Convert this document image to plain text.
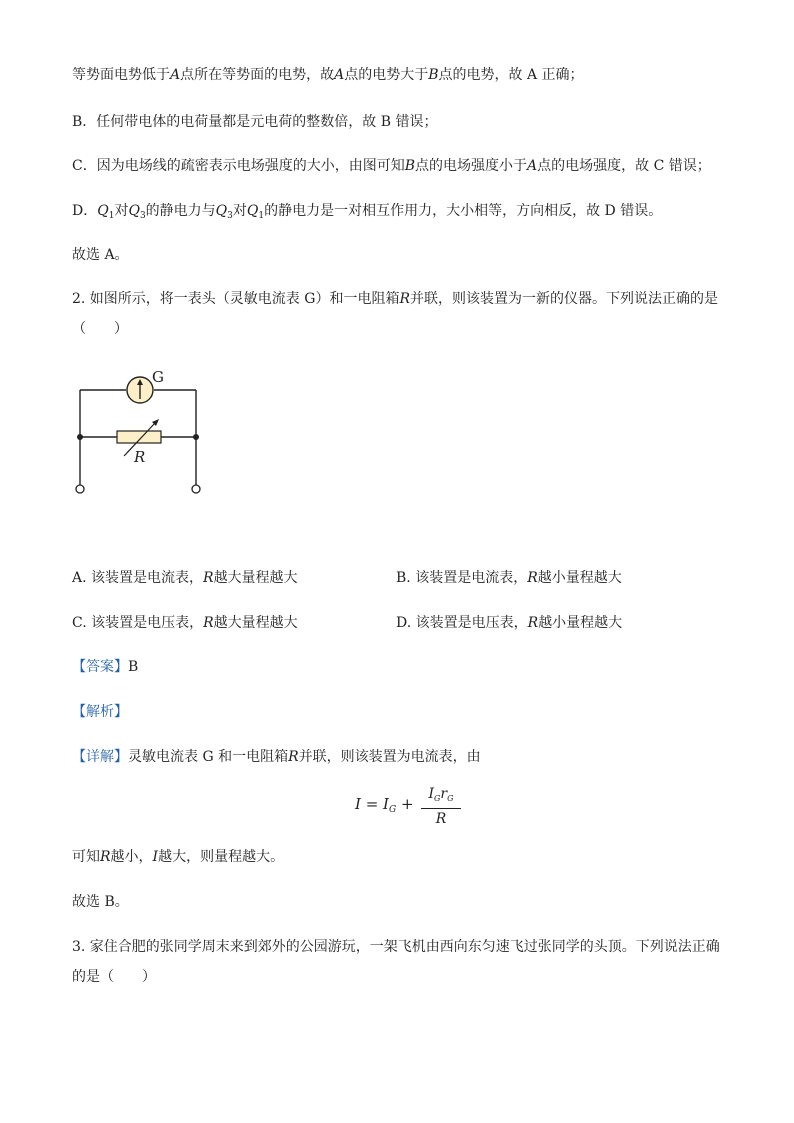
等势面电势低于A点所在等势面的电势，故A点的电势大于B点的电势，故 A 正确；
B．任何带电体的电荷量都是元电荷的整数倍，故 B 错误；
C．因为电场线的疏密表示电场强度的大小，由图可知B点的电场强度小于A点的电场强度，故 C 错误；
D．$Q_1$对$Q_3$的静电力与$Q_3$对$Q_1$的静电力是一对相互作用力，大小相等，方向相反，故 D 错误。
故选 A。
2. 如图所示，将一表头（灵敏电流表 G）和一电阻箱R并联，则该装置为一新的仪器。下列说法正确的是
（　　）
G
R
A. 该装置是电流表，R越大量程越大	B. 该装置是电流表，R越小量程越大
C. 该装置是电压表，R越大量程越大	D. 该装置是电压表，R越小量程越大
【答案】B
【解析】
【详解】灵敏电流表 G 和一电阻箱R并联，则该装置为电流表，由
$I = I_G$ +
$I_Gr_G$
R
可知R越小，I越大，则量程越大。
故选 B。
3. 家住合肥的张同学周末来到郊外的公园游玩，一架飞机由西向东匀速飞过张同学的头顶。下列说法正确
的是（　　）
